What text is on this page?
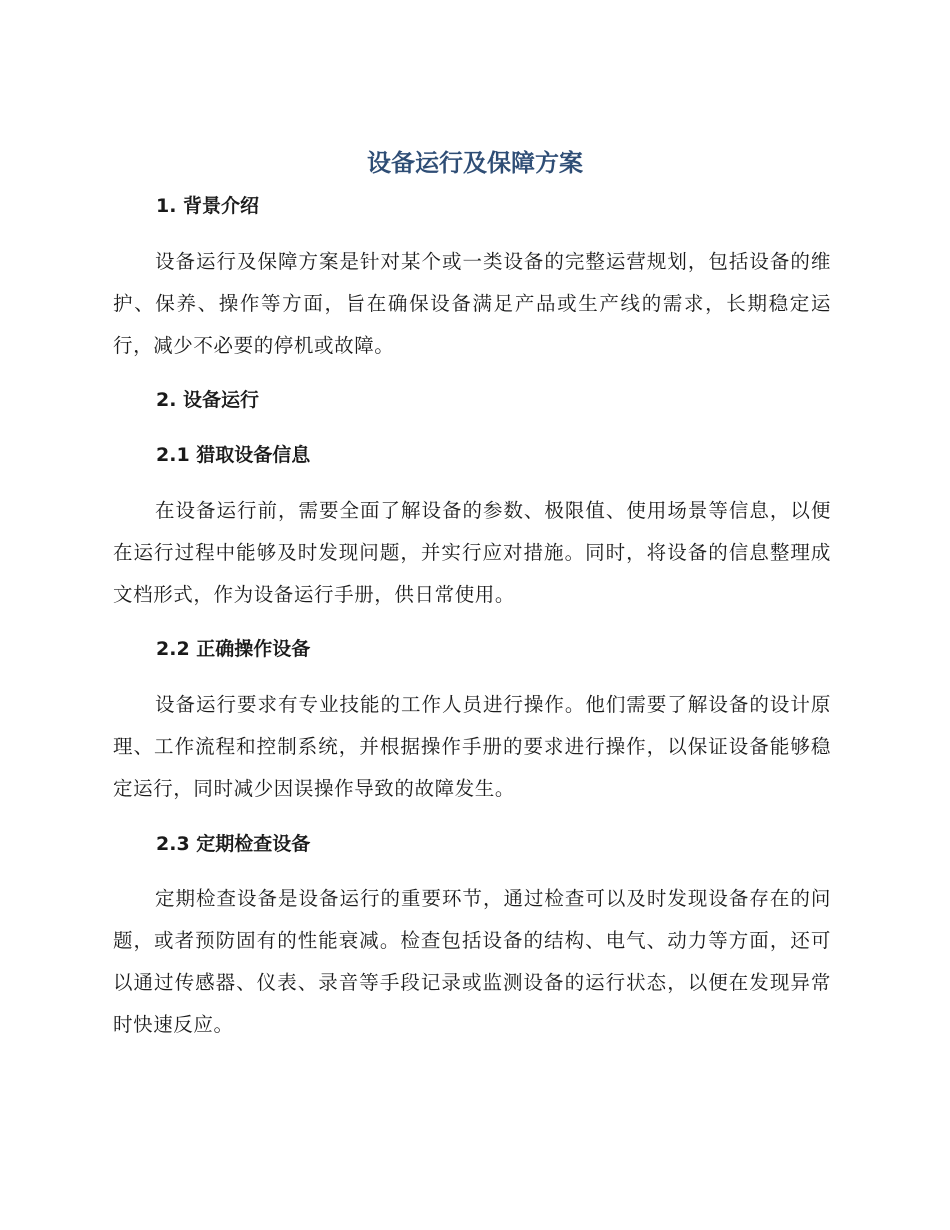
设备运行及保障方案
1. 背景介绍

设备运行及保障方案是针对某个或一类设备的完整运营规划，包括设备的维护、保养、操作等方面，旨在确保设备满足产品或生产线的需求，长期稳定运行，减少不必要的停机或故障。

2. 设备运行
2.1 猎取设备信息

在设备运行前，需要全面了解设备的参数、极限值、使用场景等信息，以便在运行过程中能够及时发现问题，并实行应对措施。同时，将设备的信息整理成文档形式，作为设备运行手册，供日常使用。

2.2 正确操作设备

设备运行要求有专业技能的工作人员进行操作。他们需要了解设备的设计原理、工作流程和控制系统，并根据操作手册的要求进行操作，以保证设备能够稳定运行，同时减少因误操作导致的故障发生。

2.3 定期检查设备

定期检查设备是设备运行的重要环节，通过检查可以及时发现设备存在的问题，或者预防固有的性能衰减。检查包括设备的结构、电气、动力等方面，还可以通过传感器、仪表、录音等手段记录或监测设备的运行状态，以便在发现异常时快速反应。
